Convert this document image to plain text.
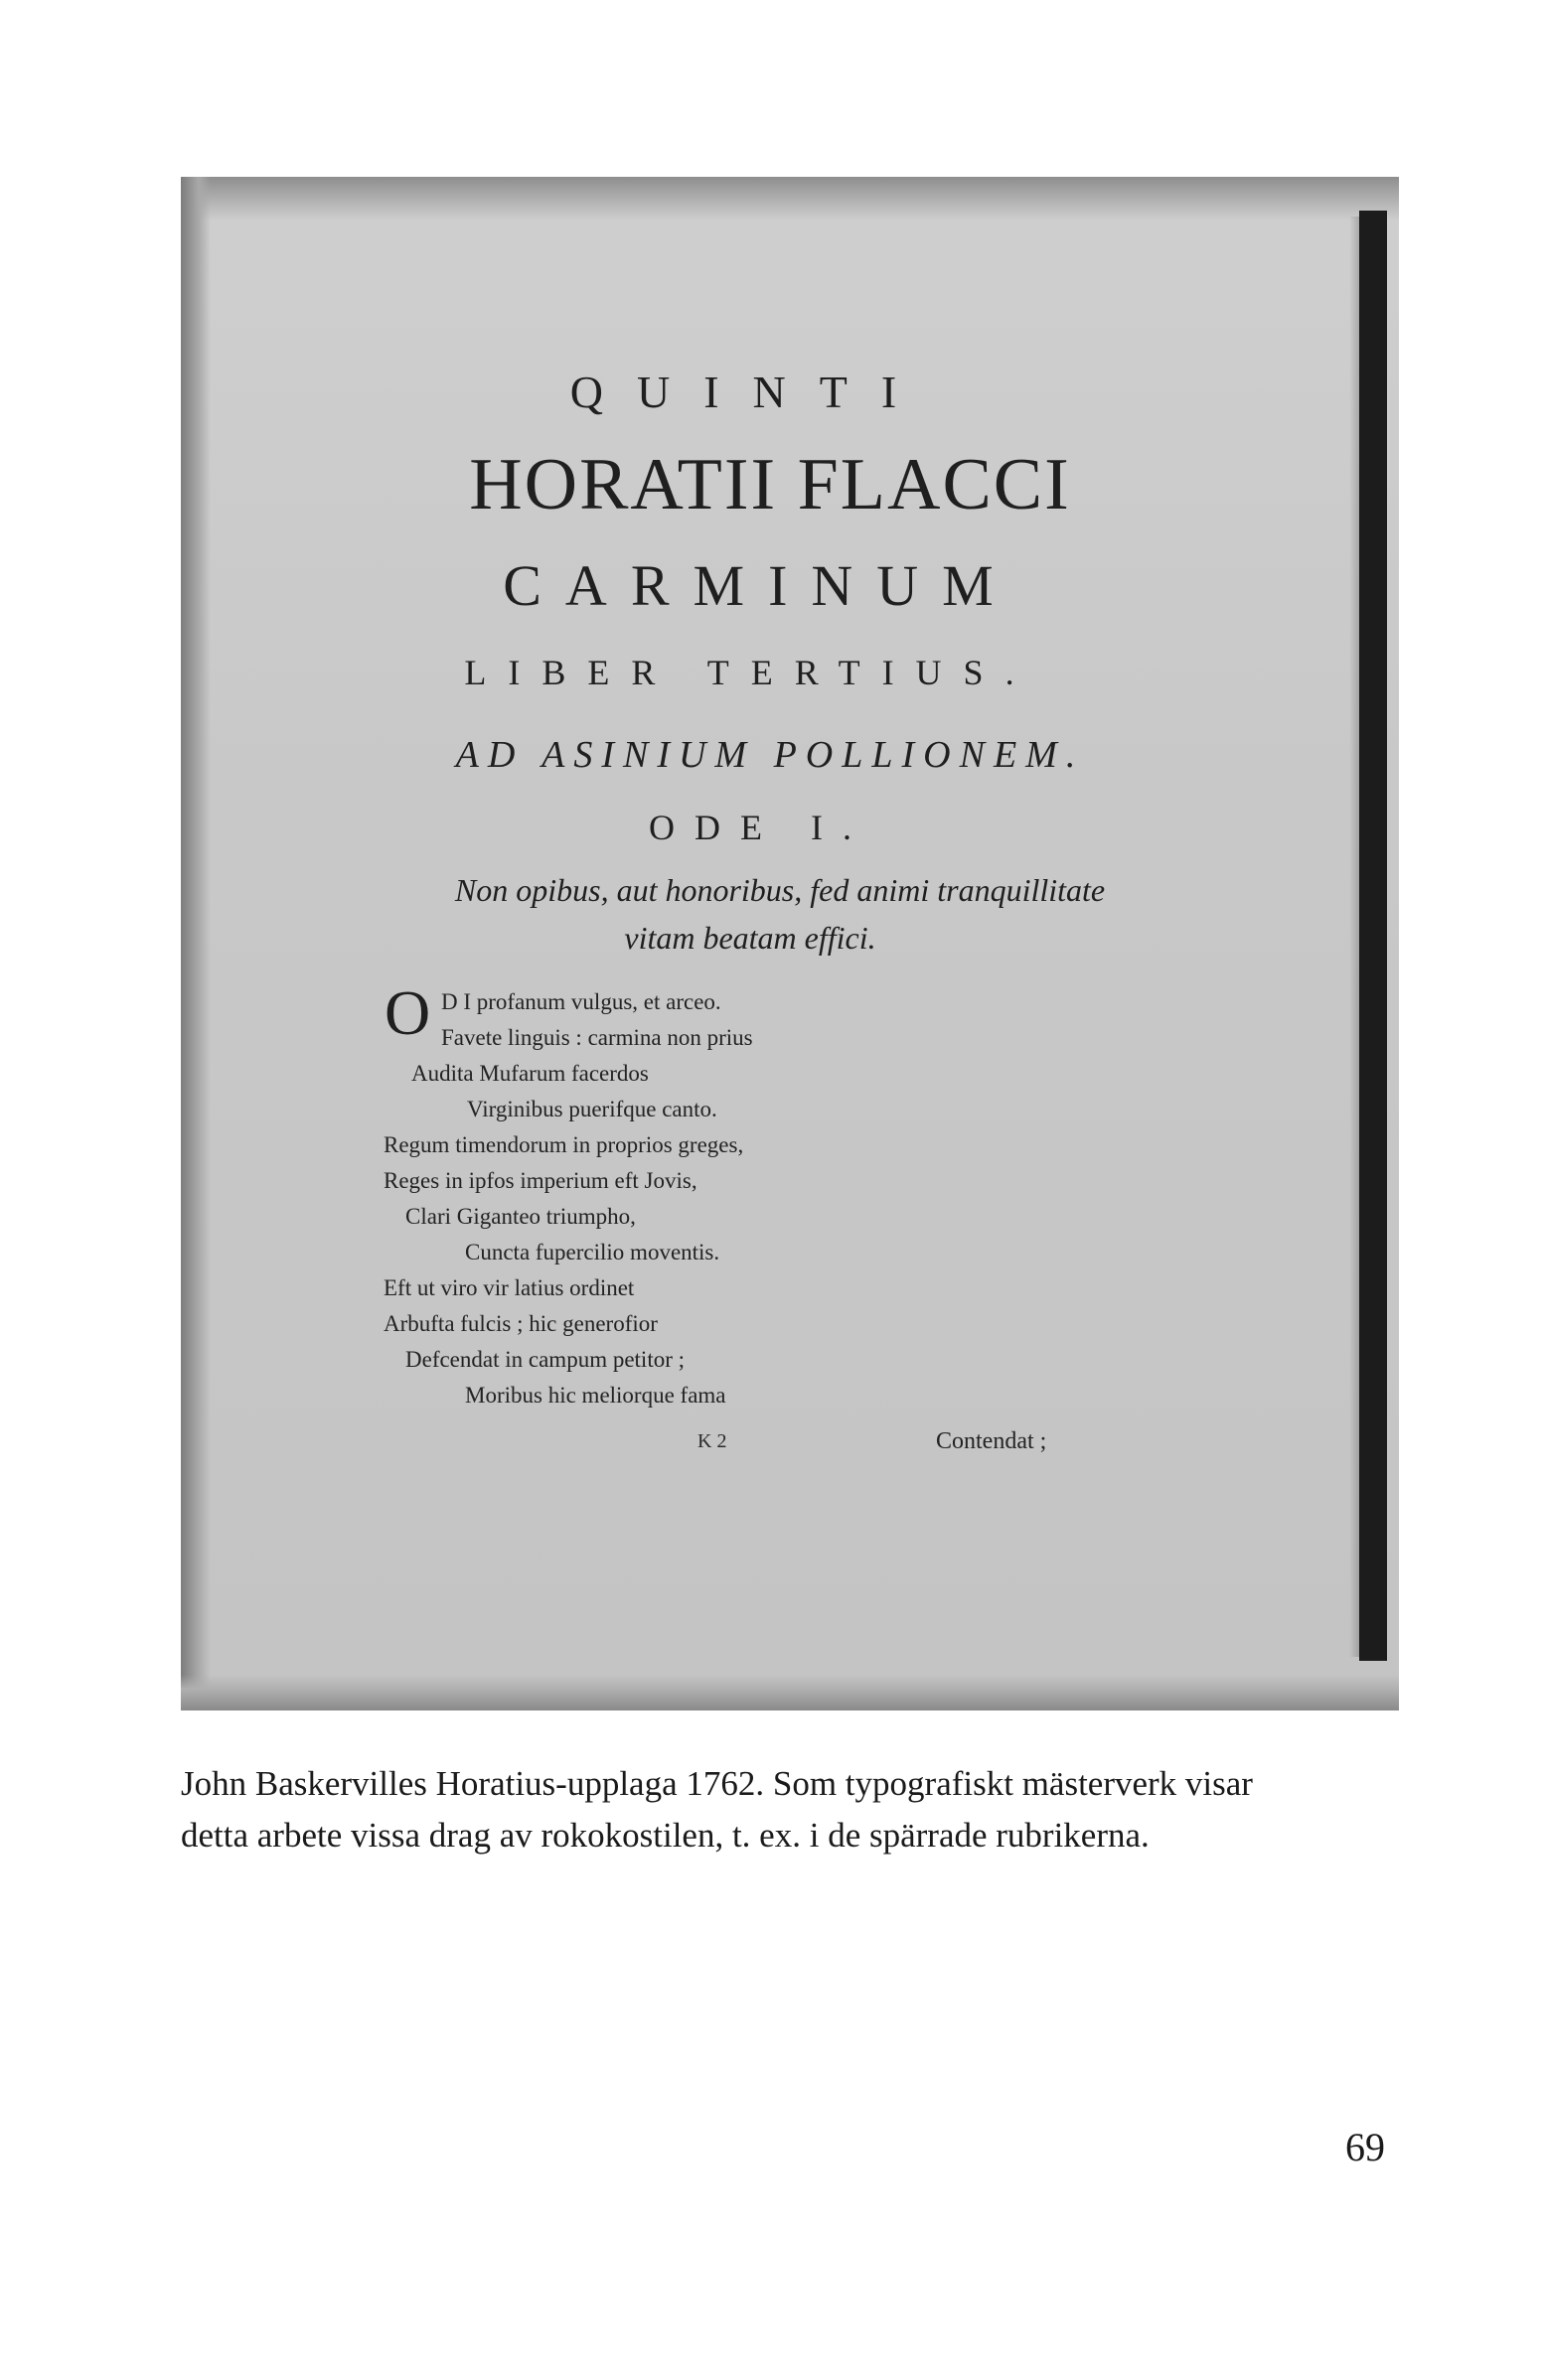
QUINTI
HORATII FLACCI
CARMINUM
LIBER TERTIUS.
AD ASINIUM POLLIONEM.
ODE I.
Non opibus, aut honoribus, fed animi tranquillitate
vitam beatam effici.
O D I profanum vulgus, et arceo.
Favete linguis : carmina non prius
Audita Mufarum facerdos
Virginibus puerifque canto.
Regum timendorum in proprios greges,
Reges in ipfos imperium eft Jovis,
Clari Giganteo triumpho,
Cuncta fupercilio moventis.
Eft ut viro vir latius ordinet
Arbufta fulcis ; hic generofior
Defcendat in campum petitor ;
Moribus hic meliorque fama
K 2	Contendat ;
John Baskervilles Horatius-upplaga 1762. Som typografiskt mästerverk visar
detta arbete vissa drag av rokokostilen, t. ex. i de spärrade rubrikerna.
69
